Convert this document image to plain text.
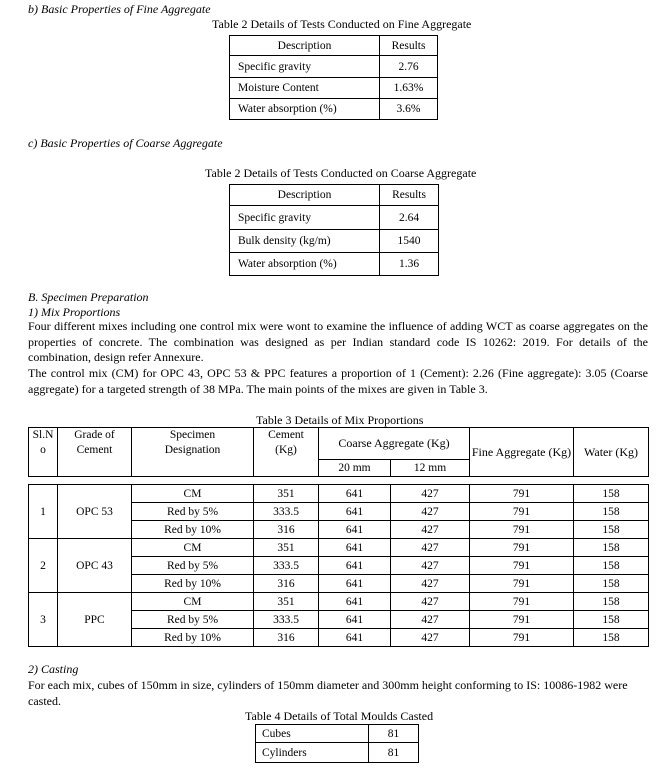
b) Basic Properties of Fine Aggregate
Table 2 Details of Tests Conducted on Fine Aggregate
Description	Results
Specific gravity	2.76
Moisture Content	1.63%
Water absorption (%)	3.6%
c) Basic Properties of Coarse Aggregate
Table 2 Details of Tests Conducted on Coarse Aggregate
Description	Results
Specific gravity	2.64
Bulk density (kg/m)	1540
Water absorption (%)	1.36
B. Specimen Preparation
1) Mix Proportions
Four different mixes including one control mix were wont to examine the influence of adding WCT as coarse aggregates on the properties of concrete. The combination was designed as per Indian standard code IS 10262: 2019. For details of the combination, design refer Annexure.
The control mix (CM) for OPC 43, OPC 53 & PPC features a proportion of 1 (Cement): 2.26 (Fine aggregate): 3.05 (Coarse aggregate) for a targeted strength of 38 MPa. The main points of the mixes are given in Table 3.
Table 3 Details of Mix Proportions
Sl.N o	Grade of Cement	Specimen Designation	Cement (Kg)	Coarse Aggregate (Kg)		Fine Aggregate (Kg)	Water (Kg)
				20 mm	12 mm		

1	OPC 53	CM	351	641	427	791	158
		Red by 5%	333.5	641	427	791	158
		Red by 10%	316	641	427	791	158
2	OPC 43	CM	351	641	427	791	158
		Red by 5%	333.5	641	427	791	158
		Red by 10%	316	641	427	791	158
3	PPC	CM	351	641	427	791	158
		Red by 5%	333.5	641	427	791	158
		Red by 10%	316	641	427	791	158
2) Casting
For each mix, cubes of 150mm in size, cylinders of 150mm diameter and 300mm height conforming to IS: 10086-1982 were casted.
Table 4 Details of Total Moulds Casted
Cubes	81
Cylinders	81
